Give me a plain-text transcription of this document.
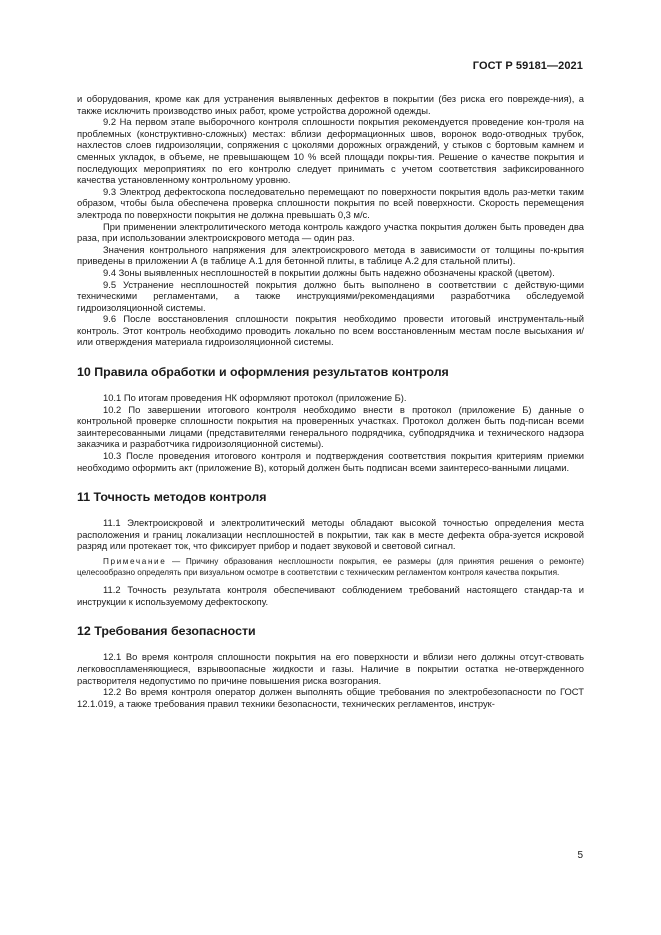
ГОСТ Р 59181—2021

и оборудования, кроме как для устранения выявленных дефектов в покрытии (без риска его поврежде-ния), а также исключить производство иных работ, кроме устройства дорожной одежды.

9.2 На первом этапе выборочного контроля сплошности покрытия рекомендуется проведение кон-троля на проблемных (конструктивно-сложных) местах: вблизи деформационных швов, воронок водо-отводных трубок, нахлестов слоев гидроизоляции, сопряжения с цоколями дорожных ограждений, у стыков с бортовым камнем и сменных укладок, в объеме, не превышающем 10 % всей площади покры-тия. Решение о качестве покрытия и последующих мероприятиях по его контролю следует принимать с учетом соответствия зафиксированного качества установленному контрольному уровню.

9.3 Электрод дефектоскопа последовательно перемещают по поверхности покрытия вдоль раз-метки таким образом, чтобы была обеспечена проверка сплошности покрытия по всей поверхности. Скорость перемещения электрода по поверхности покрытия не должна превышать 0,3 м/с.

При применении электролитического метода контроль каждого участка покрытия должен быть проведен два раза, при использовании электроискрового метода — один раз.

Значения контрольного напряжения для электроискрового метода в зависимости от толщины по-крытия приведены в приложении А (в таблице А.1 для бетонной плиты, в таблице А.2 для стальной плиты).

9.4 Зоны выявленных несплошностей в покрытии должны быть надежно обозначены краской (цветом).

9.5 Устранение несплошностей покрытия должно быть выполнено в соответствии с действую-щими техническими регламентами, а также инструкциями/рекомендациями разработчика обследуемой гидроизоляционной системы.

9.6 После восстановления сплошности покрытия необходимо провести итоговый инструменталь-ный контроль. Этот контроль необходимо проводить локально по всем восстановленным местам после высыхания и/или отверждения материала гидроизоляционной системы.

10 Правила обработки и оформления результатов контроля

10.1 По итогам проведения НК оформляют протокол (приложение Б).

10.2 По завершении итогового контроля необходимо внести в протокол (приложение Б) данные о контрольной проверке сплошности покрытия на проверенных участках. Протокол должен быть под-писан всеми заинтересованными лицами (представителями генерального подрядчика, субподрядчика и технического надзора заказчика и разработчика гидроизоляционной системы).

10.3 После проведения итогового контроля и подтверждения соответствия покрытия критериям приемки необходимо оформить акт (приложение В), который должен быть подписан всеми заинтересо-ванными лицами.

11 Точность методов контроля

11.1 Электроискровой и электролитический методы обладают высокой точностью определения места расположения и границ локализации несплошностей в покрытии, так как в месте дефекта обра-зуется искровой разряд или протекает ток, что фиксирует прибор и подает звуковой и световой сигнал.

Примечание — Причину образования несплошности покрытия, ее размеры (для принятия решения о ремонте) целесообразно определять при визуальном осмотре в соответствии с техническим регламентом контроля качества покрытия.

11.2 Точность результата контроля обеспечивают соблюдением требований настоящего стандар-та и инструкции к используемому дефектоскопу.

12 Требования безопасности

12.1 Во время контроля сплошности покрытия на его поверхности и вблизи него должны отсут-ствовать легковоспламеняющиеся, взрывоопасные жидкости и газы. Наличие в покрытии остатка не-отвержденного растворителя недопустимо по причине повышения риска возгорания.

12.2 Во время контроля оператор должен выполнять общие требования по электробезопасности по ГОСТ 12.1.019, а также требования правил техники безопасности, технических регламентов, инструк-

5
